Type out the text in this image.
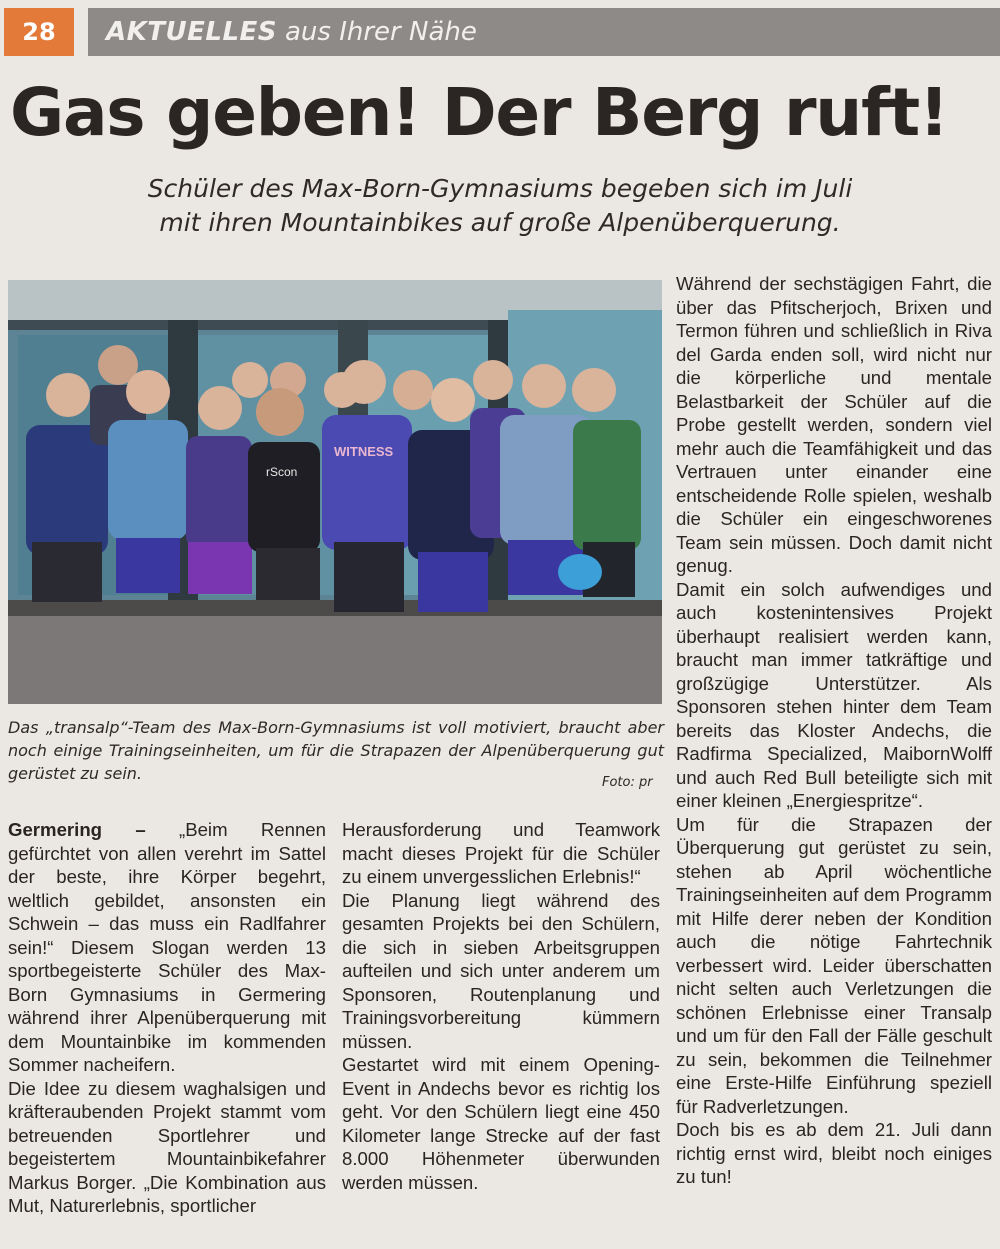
28	AKTUELLES aus Ihrer Nähe
Gas geben! Der Berg ruft!
Schüler des Max-Born-Gymnasiums begeben sich im Juli
mit ihren Mountainbikes auf große Alpenüberquerung.
WITNESS
rScon
Das „transalp“-Team des Max-Born-Gymnasiums ist voll motiviert, braucht aber noch einige Trainingseinheiten, um für die Strapazen der Alpenüberquerung gut gerüstet zu sein.	Foto: pr

Germering – „Beim Rennen gefürchtet von allen verehrt im Sattel der beste, ihre Körper begehrt, weltlich gebildet, ansonsten ein Schwein – das muss ein Radlfahrer sein!“ Diesem Slogan werden 13 sportbegeisterte Schüler des Max-Born Gymnasiums in Germering während ihrer Alpenüberquerung mit dem Mountainbike im kommenden Sommer nacheifern.

Die Idee zu diesem waghalsigen und kräfteraubenden Projekt stammt vom betreuenden Sportlehrer und begeistertem Mountainbikefahrer Markus Borger. „Die Kombination aus Mut, Naturerlebnis, sportlicher

Herausforderung und Teamwork macht dieses Projekt für die Schüler zu einem unvergesslichen Erlebnis!“

Die Planung liegt während des gesamten Projekts bei den Schülern, die sich in sieben Arbeitsgruppen aufteilen und sich unter anderem um Sponsoren, Routenplanung und Trainingsvorbereitung kümmern müssen.

Gestartet wird mit einem Opening-Event in Andechs bevor es richtig los geht. Vor den Schülern liegt eine 450 Kilometer lange Strecke auf der fast 8.000 Höhenmeter überwunden werden müssen.

Während der sechstägigen Fahrt, die über das Pfitscherjoch, Brixen und Termon führen und schließlich in Riva del Garda enden soll, wird nicht nur die körperliche und mentale Belastbarkeit der Schüler auf die Probe gestellt werden, sondern viel mehr auch die Teamfähigkeit und das Vertrauen unter einander eine entscheidende Rolle spielen, weshalb die Schüler ein eingeschworenes Team sein müssen. Doch damit nicht genug.

Damit ein solch aufwendiges und auch kostenintensives Projekt überhaupt realisiert werden kann, braucht man immer tatkräftige und großzügige Unterstützer. Als Sponsoren stehen hinter dem Team bereits das Kloster Andechs, die Radfirma Specialized, MaibornWolff und auch Red Bull beteiligte sich mit einer kleinen „Energiespritze“.

Um für die Strapazen der Überquerung gut gerüstet zu sein, stehen ab April wöchentliche Trainingseinheiten auf dem Programm mit Hilfe derer neben der Kondition auch die nötige Fahrtechnik verbessert wird. Leider überschatten nicht selten auch Verletzungen die schönen Erlebnisse einer Transalp und um für den Fall der Fälle geschult zu sein, bekommen die Teilnehmer eine Erste-Hilfe Einführung speziell für Radverletzungen.

Doch bis es ab dem 21. Juli dann richtig ernst wird, bleibt noch einiges zu tun!
